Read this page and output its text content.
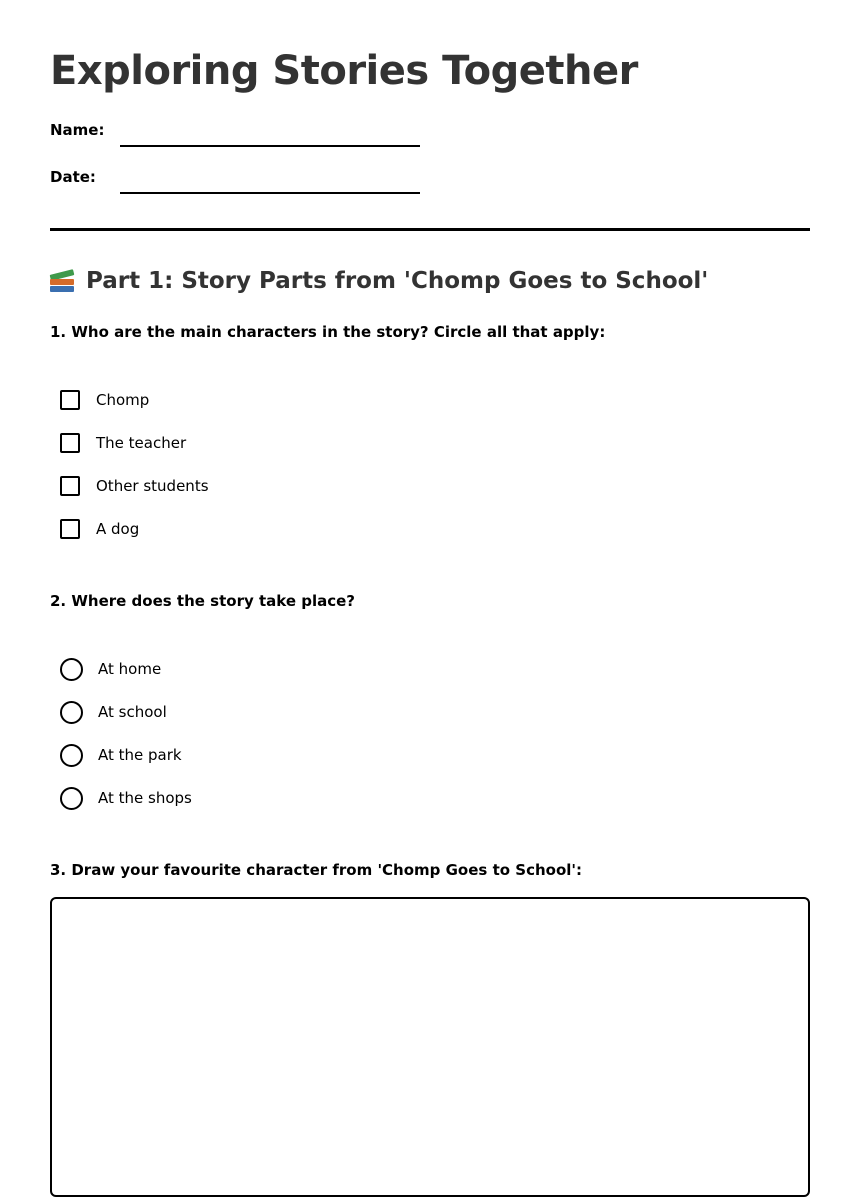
Exploring Stories Together
Name:
Date:
Part 1: Story Parts from 'Chomp Goes to School'

1. Who are the main characters in the story? Circle all that apply:

Chomp
The teacher
Other students
A dog

2. Where does the story take place?

At home
At school
At the park
At the shops

3. Draw your favourite character from 'Chomp Goes to School':
